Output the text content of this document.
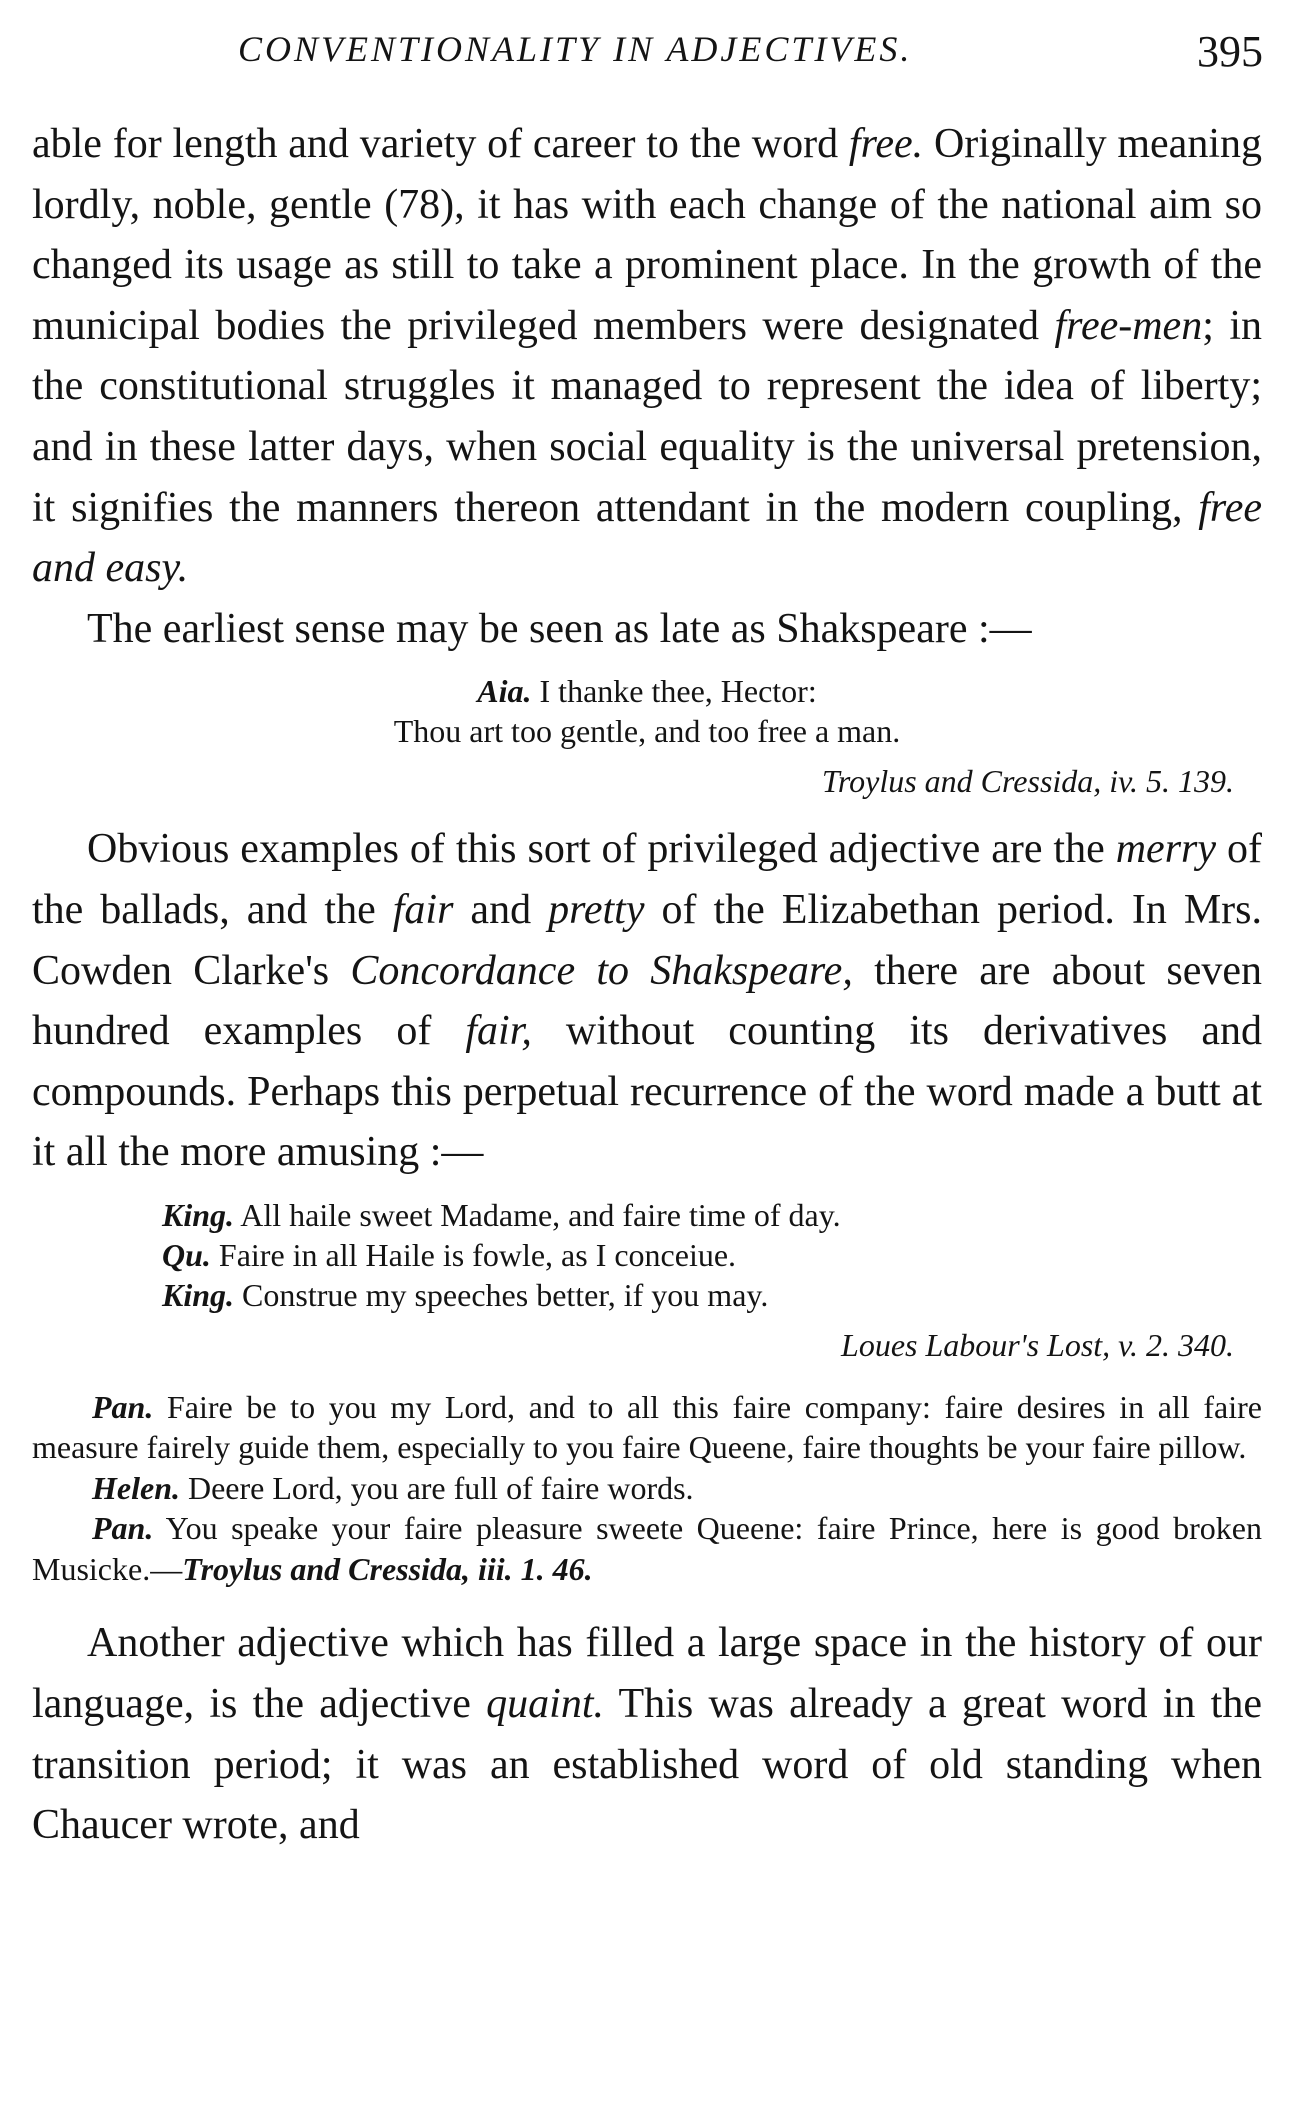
CONVENTIONALITY IN ADJECTIVES.	395

able for length and variety of career to the word free. Originally meaning lordly, noble, gentle (78), it has with each change of the national aim so changed its usage as still to take a prominent place. In the growth of the municipal bodies the privileged members were designated free-men; in the constitutional struggles it managed to represent the idea of liberty; and in these latter days, when social equality is the universal pretension, it signifies the manners thereon attendant in the modern coupling, free and easy.

The earliest sense may be seen as late as Shakspeare :—

Aia. I thanke thee, Hector:
Thou art too gentle, and too free a man.
Troylus and Cressida, iv. 5. 139.

Obvious examples of this sort of privileged adjective are the merry of the ballads, and the fair and pretty of the Elizabethan period. In Mrs. Cowden Clarke's Concordance to Shakspeare, there are about seven hundred examples of fair, without counting its derivatives and compounds. Perhaps this perpetual recurrence of the word made a butt at it all the more amusing :—

King. All haile sweet Madame, and faire time of day.
Qu. Faire in all Haile is fowle, as I conceiue.
King. Construe my speeches better, if you may.
Loues Labour's Lost, v. 2. 340.
Pan. Faire be to you my Lord, and to all this faire company: faire desires in all faire measure fairely guide them, especially to you faire Queene, faire thoughts be your faire pillow.
Helen. Deere Lord, you are full of faire words.
Pan. You speake your faire pleasure sweete Queene: faire Prince, here is good broken Musicke.—Troylus and Cressida, iii. 1. 46.

Another adjective which has filled a large space in the history of our language, is the adjective quaint. This was already a great word in the transition period; it was an established word of old standing when Chaucer wrote, and
